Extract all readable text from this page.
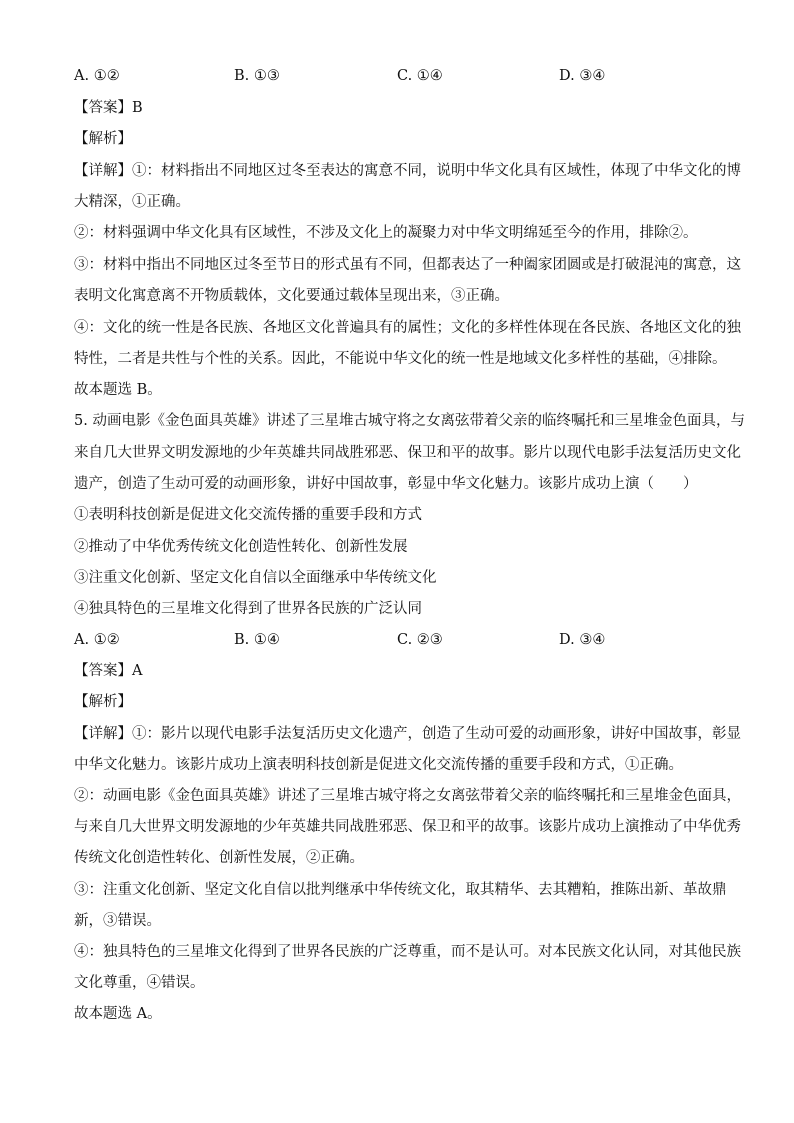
A. ①②	B. ①③	C. ①④	D. ③④
【答案】B
【解析】
【详解】①：材料指出不同地区过冬至表达的寓意不同，说明中华文化具有区域性，体现了中华文化的博
大精深，①正确。
②：材料强调中华文化具有区域性，不涉及文化上的凝聚力对中华文明绵延至今的作用，排除②。
③：材料中指出不同地区过冬至节日的形式虽有不同，但都表达了一种阖家团圆或是打破混沌的寓意，这
表明文化寓意离不开物质载体，文化要通过载体呈现出来，③正确。
④：文化的统一性是各民族、各地区文化普遍具有的属性；文化的多样性体现在各民族、各地区文化的独
特性，二者是共性与个性的关系。因此，不能说中华文化的统一性是地域文化多样性的基础，④排除。
故本题选 B。
5. 动画电影《金色面具英雄》讲述了三星堆古城守将之女离弦带着父亲的临终嘱托和三星堆金色面具，与
来自几大世界文明发源地的少年英雄共同战胜邪恶、保卫和平的故事。影片以现代电影手法复活历史文化
遗产，创造了生动可爱的动画形象，讲好中国故事，彰显中华文化魅力。该影片成功上演（　　）
①表明科技创新是促进文化交流传播的重要手段和方式
②推动了中华优秀传统文化创造性转化、创新性发展
③注重文化创新、坚定文化自信以全面继承中华传统文化
④独具特色的三星堆文化得到了世界各民族的广泛认同
A. ①②	B. ①④	C. ②③	D. ③④
【答案】A
【解析】
【详解】①：影片以现代电影手法复活历史文化遗产，创造了生动可爱的动画形象，讲好中国故事，彰显
中华文化魅力。该影片成功上演表明科技创新是促进文化交流传播的重要手段和方式，①正确。
②：动画电影《金色面具英雄》讲述了三星堆古城守将之女离弦带着父亲的临终嘱托和三星堆金色面具，
与来自几大世界文明发源地的少年英雄共同战胜邪恶、保卫和平的故事。该影片成功上演推动了中华优秀
传统文化创造性转化、创新性发展，②正确。
③：注重文化创新、坚定文化自信以批判继承中华传统文化，取其精华、去其糟粕，推陈出新、革故鼎
新，③错误。
④：独具特色的三星堆文化得到了世界各民族的广泛尊重，而不是认可。对本民族文化认同，对其他民族
文化尊重，④错误。
故本题选 A。
